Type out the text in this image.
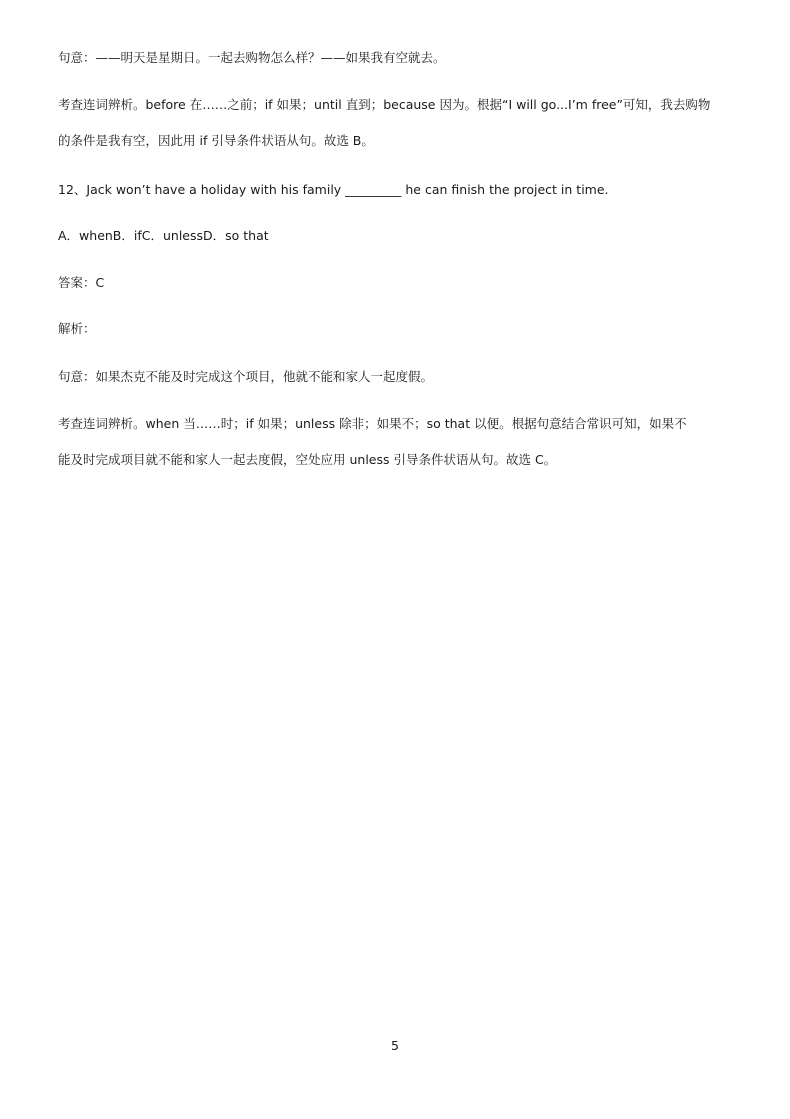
句意：——明天是星期日。一起去购物怎么样？——如果我有空就去。
考查连词辨析。before 在……之前；if 如果；until 直到；because 因为。根据“I will go...I’m free”可知，我去购物
的条件是我有空，因此用 if 引导条件状语从句。故选 B。
12、Jack won’t have a holiday with his family _________ he can finish the project in time.
A．whenB．ifC．unlessD．so that
答案：C
解析：
句意：如果杰克不能及时完成这个项目，他就不能和家人一起度假。
考查连词辨析。when 当……时；if 如果；unless 除非；如果不；so that 以便。根据句意结合常识可知，如果不
能及时完成项目就不能和家人一起去度假，空处应用 unless 引导条件状语从句。故选 C。
5
